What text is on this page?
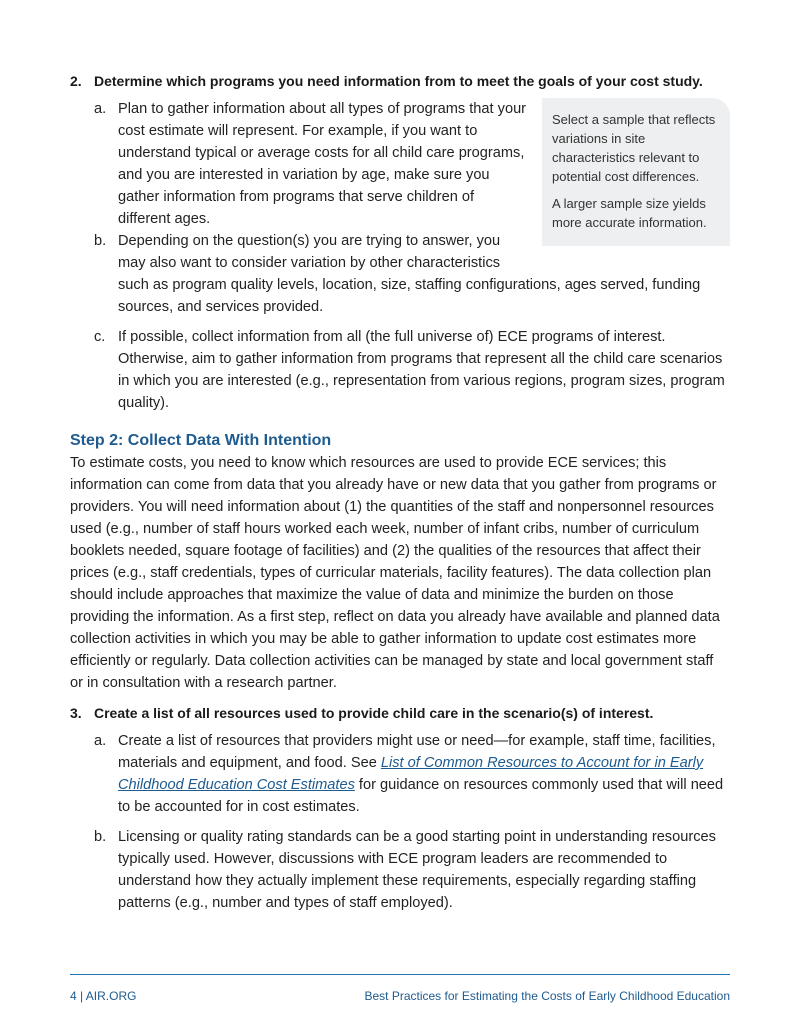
2. Determine which programs you need information from to meet the goals of your cost study.

Select a sample that reflects variations in site characteristics relevant to potential cost differences.

A larger sample size yields more accurate information.

a. Plan to gather information about all types of programs that your cost estimate will represent. For example, if you want to understand typical or average costs for all child care programs, and you are interested in variation by age, make sure you gather information from programs that serve children of different ages.
b. Depending on the question(s) you are trying to answer, you may also want to consider variation by other characteristics such as program quality levels, location, size, staffing configurations, ages served, funding sources, and services provided.
c. If possible, collect information from all (the full universe of) ECE programs of interest. Otherwise, aim to gather information from programs that represent all the child care scenarios in which you are interested (e.g., representation from various regions, program sizes, program quality).
Step 2: Collect Data With Intention
To estimate costs, you need to know which resources are used to provide ECE services; this information can come from data that you already have or new data that you gather from programs or providers. You will need information about (1) the quantities of the staff and nonpersonnel resources used (e.g., number of staff hours worked each week, number of infant cribs, number of curriculum booklets needed, square footage of facilities) and (2) the qualities of the resources that affect their prices (e.g., staff credentials, types of curricular materials, facility features). The data collection plan should include approaches that maximize the value of data and minimize the burden on those providing the information. As a first step, reflect on data you already have available and planned data collection activities in which you may be able to gather information to update cost estimates more efficiently or regularly. Data collection activities can be managed by state and local government staff or in consultation with a research partner.
3. Create a list of all resources used to provide child care in the scenario(s) of interest.
a. Create a list of resources that providers might use or need—for example, staff time, facilities, materials and equipment, and food. See List of Common Resources to Account for in Early Childhood Education Cost Estimates for guidance on resources commonly used that will need to be accounted for in cost estimates.
b. Licensing or quality rating standards can be a good starting point in understanding resources typically used. However, discussions with ECE program leaders are recommended to understand how they actually implement these requirements, especially regarding staffing patterns (e.g., number and types of staff employed).
4 | AIR.ORG	Best Practices for Estimating the Costs of Early Childhood Education
